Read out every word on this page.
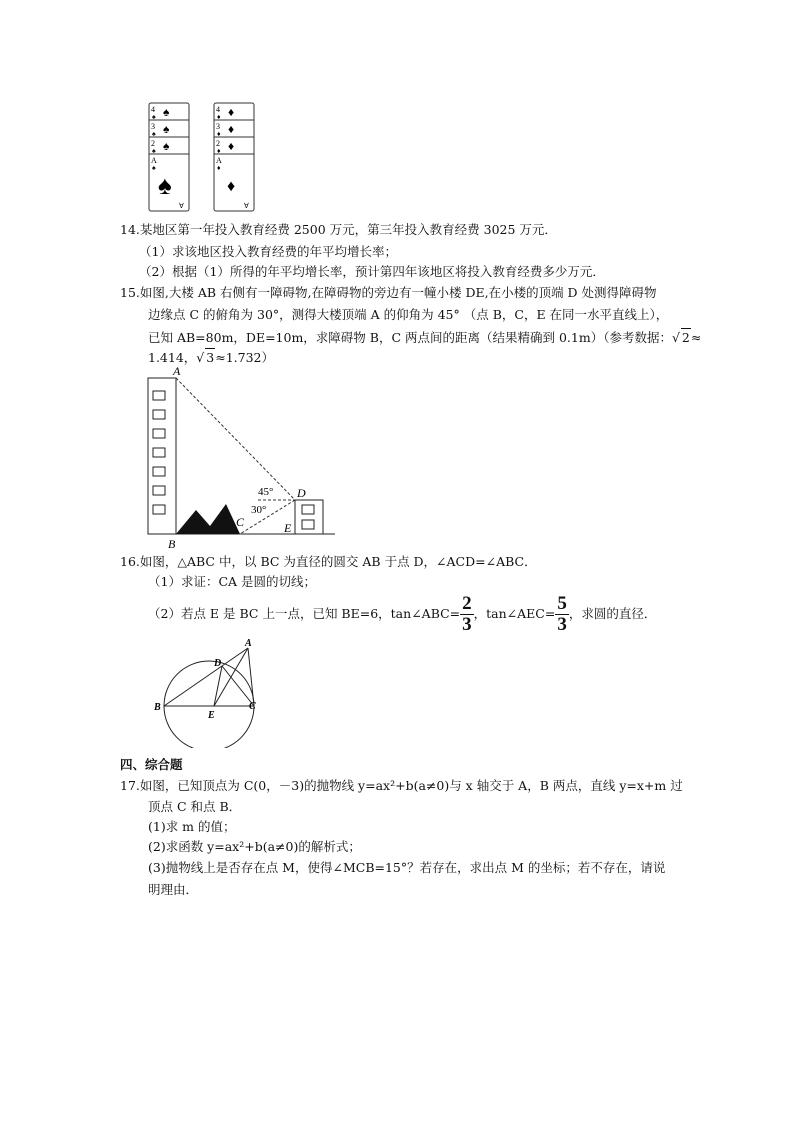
4
3
2
A
♠
♠
♠
♠
♠
♠
♠
♠
∀
4
3
2
A
♦
♦
♦
♦
♦
♦
♦
♦
∀
14.某地区第一年投入教育经费 2500 万元，第三年投入教育经费 3025 万元．
（1）求该地区投入教育经费的年平均增长率；
（2）根据（1）所得的年平均增长率，预计第四年该地区将投入教育经费多少万元．
15.如图,大楼 AB 右侧有一障碍物,在障碍物的旁边有一幢小楼 DE,在小楼的顶端 D 处测得障碍物
边缘点 C 的俯角为 30°，测得大楼顶端 A 的仰角为 45° （点 B，C，E 在同一水平直线上），
已知 AB=80m，DE=10m，求障碍物 B，C 两点间的距离（结果精确到 0.1m）（参考数据：√ 2≈
1.414，√ 3≈1.732）
A
B
C
D
E
45°
30°
16.如图，△ABC 中，以 BC 为直径的圆交 AB 于点 D，∠ACD=∠ABC．
（1）求证：CA 是圆的切线；
（2）若点 E 是 BC 上一点，已知 BE=6，tan∠ABC= $\frac{2}{3}$ ，tan∠AEC= $\frac{5}{3}$ ，求圆的直径．
A
B	C
D
E
四、综合题
17.如图，已知顶点为 C(0，－3)的抛物线 y=ax²+b(a≠0)与 x 轴交于 A，B 两点，直线 y=x+m 过
顶点 C 和点 B．
(1)求 m 的值；
(2)求函数 y=ax²+b(a≠0)的解析式；
(3)抛物线上是否存在点 M，使得∠MCB=15°？若存在，求出点 M 的坐标；若不存在，请说
明理由．
